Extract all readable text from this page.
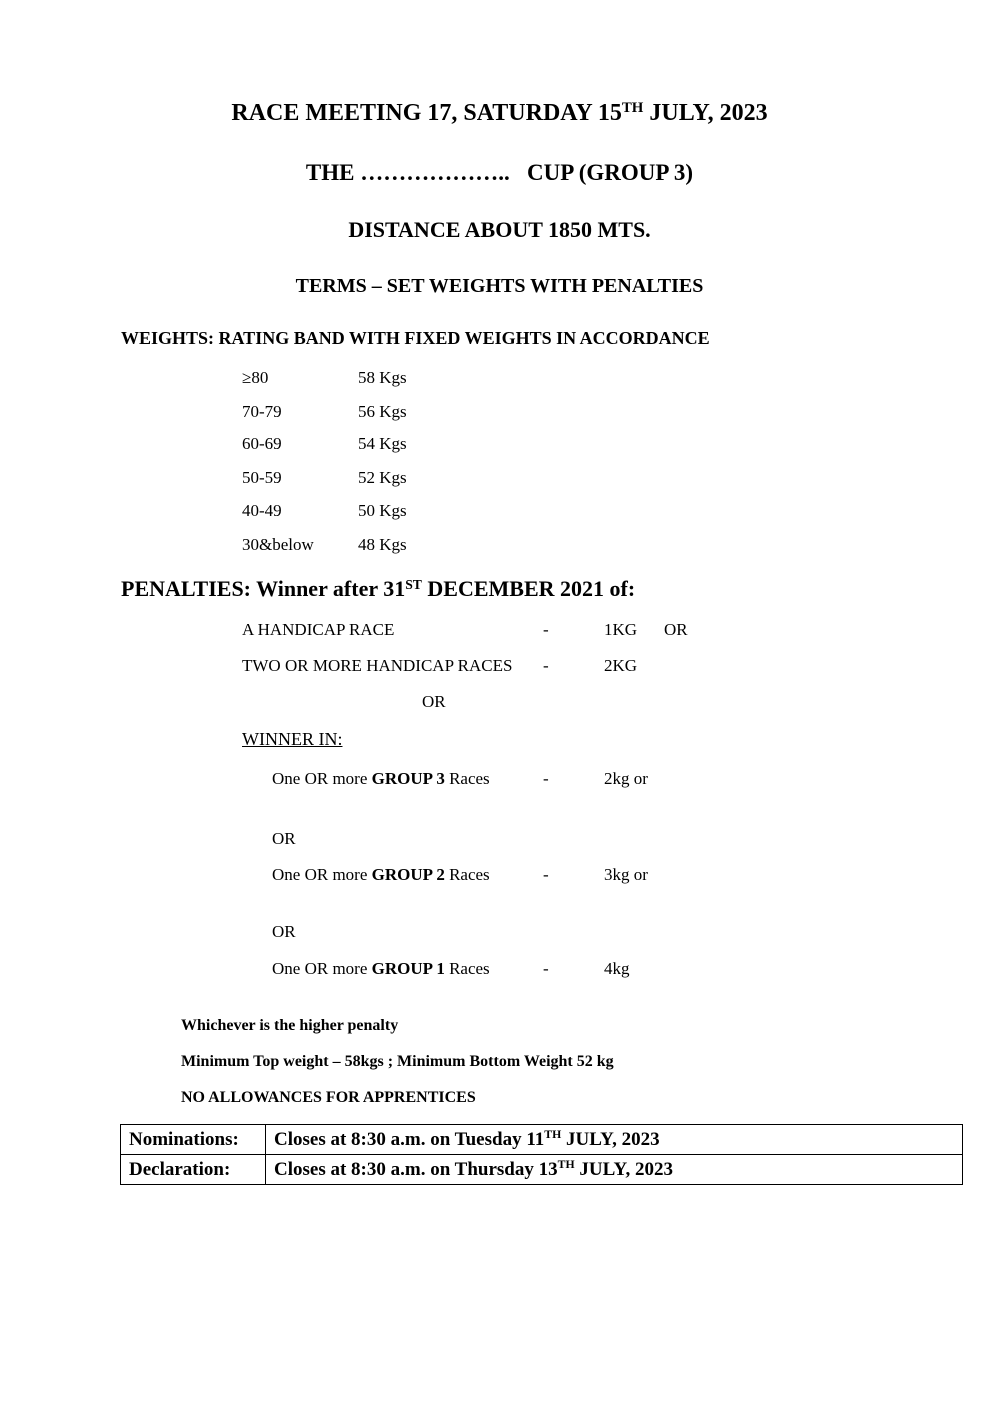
RACE MEETING 17, SATURDAY 15TH JULY, 2023
THE ………………..   CUP (GROUP 3)
DISTANCE ABOUT 1850 MTS.
TERMS – SET WEIGHTS WITH PENALTIES
WEIGHTS: RATING BAND WITH FIXED WEIGHTS IN ACCORDANCE
≥80	58 Kgs
70-79	56 Kgs
60-69	54 Kgs
50-59	52 Kgs
40-49	50 Kgs
30&below	48 Kgs
PENALTIES: Winner after 31ST DECEMBER 2021 of:
A HANDICAP RACE	-	1KG OR
TWO OR MORE HANDICAP RACES -	2KG
OR
WINNER IN:
One OR more GROUP 3 Races	-	2kg or
OR
One OR more GROUP 2 Races	-	3kg or
OR
One OR more GROUP 1 Races	-	4kg
Whichever is the higher penalty
Minimum Top weight – 58kgs ; Minimum Bottom Weight 52 kg
NO ALLOWANCES FOR APPRENTICES
Nominations:	Closes at 8:30 a.m. on Tuesday 11TH JULY, 2023
Declaration:	Closes at 8:30 a.m. on Thursday 13TH JULY, 2023
